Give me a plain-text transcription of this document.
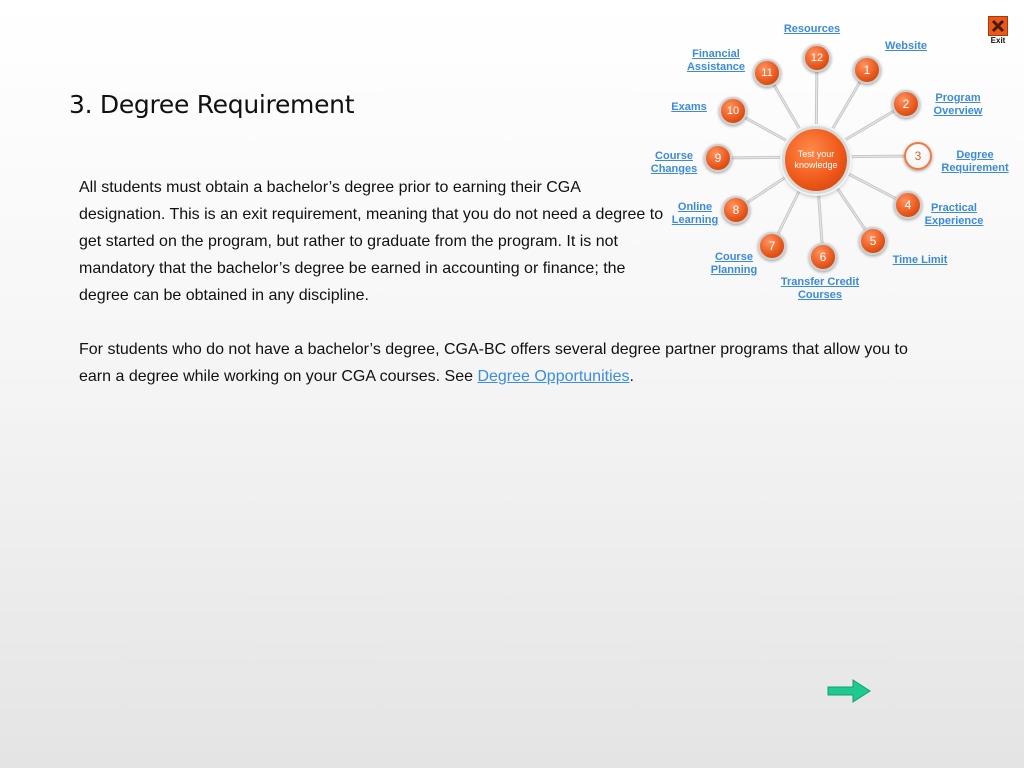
3. Degree Requirement

All students must obtain a bachelor’s degree prior to earning their CGA designation. This is an exit requirement, meaning that you do not need a degree to get started on the program, but rather to graduate from the program. It is not mandatory that the bachelor’s degree be earned in accounting or finance; the degree can be obtained in any discipline.

For students who do not have a bachelor’s degree, CGA-BC offers several degree partner programs that allow you to earn a degree while working on your CGA courses. See Degree Opportunities.

1
Website
2 Program
Overview
3	Degree
Requirement
4	Practical
Experience
5
Time Limit
6
Transfer Credit
Courses
7
Course
Planning
8
Online
Learning
9
Course
Changes
10
Exams
11
Financial
Assistance
12
Resources
Test your knowledge
Exit
